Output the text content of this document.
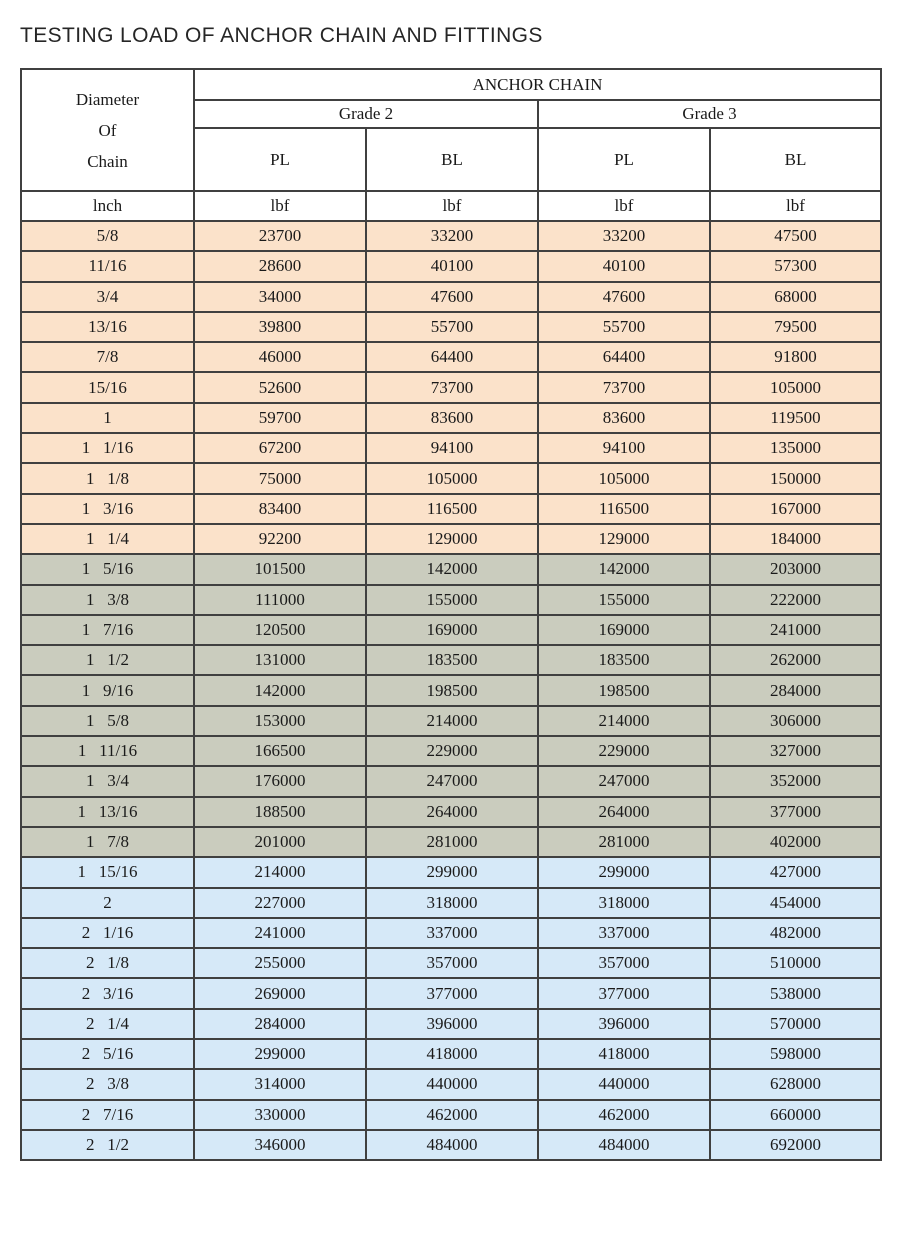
TESTING LOAD OF ANCHOR CHAIN AND FITTINGS
Diameter
Of
Chain	ANCHOR CHAIN			
	Grade 2		Grade 3	
	PL	BL	PL	BL
lnch	lbf	lbf	lbf	lbf
5/8	23700	33200	33200	47500
11/16	28600	40100	40100	57300
3/4	34000	47600	47600	68000
13/16	39800	55700	55700	79500
7/8	46000	64400	64400	91800
15/16	52600	73700	73700	105000
1	59700	83600	83600	119500
1   1/16	67200	94100	94100	135000
1   1/8	75000	105000	105000	150000
1   3/16	83400	116500	116500	167000
1   1/4	92200	129000	129000	184000
1   5/16	101500	142000	142000	203000
1   3/8	111000	155000	155000	222000
1   7/16	120500	169000	169000	241000
1   1/2	131000	183500	183500	262000
1   9/16	142000	198500	198500	284000
1   5/8	153000	214000	214000	306000
1   11/16	166500	229000	229000	327000
1   3/4	176000	247000	247000	352000
1   13/16	188500	264000	264000	377000
1   7/8	201000	281000	281000	402000
1   15/16	214000	299000	299000	427000
2	227000	318000	318000	454000
2   1/16	241000	337000	337000	482000
2   1/8	255000	357000	357000	510000
2   3/16	269000	377000	377000	538000
2   1/4	284000	396000	396000	570000
2   5/16	299000	418000	418000	598000
2   3/8	314000	440000	440000	628000
2   7/16	330000	462000	462000	660000
2   1/2	346000	484000	484000	692000
